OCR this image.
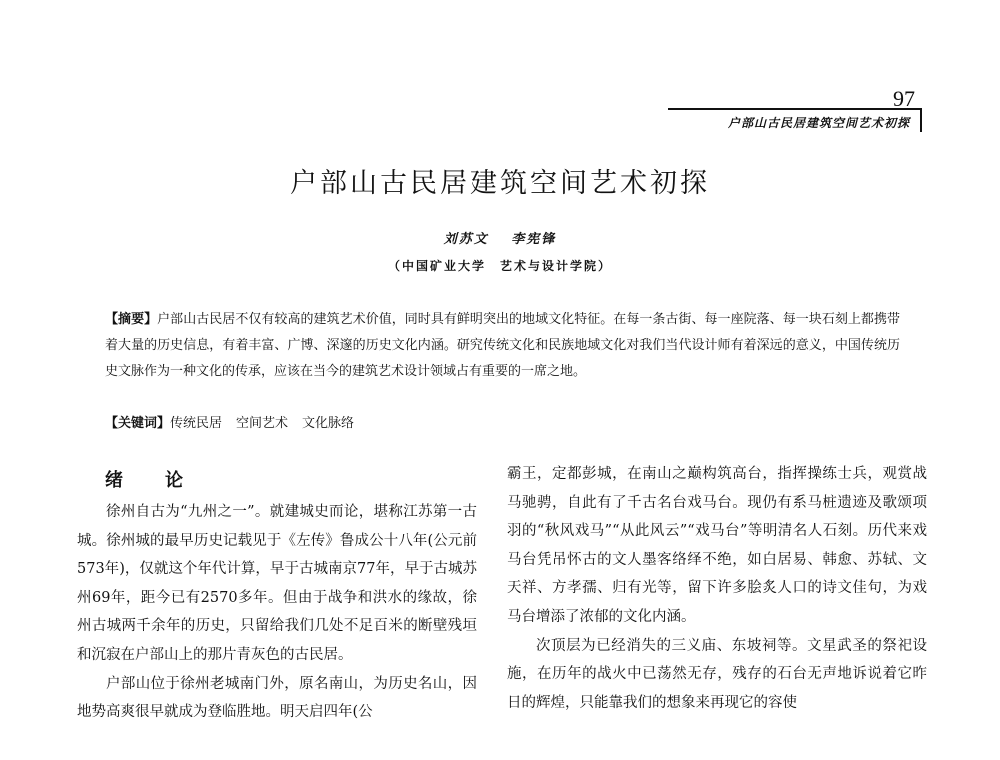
97
户部山古民居建筑空间艺术初探
户部山古民居建筑空间艺术初探
刘苏文 李宪锋
（中国矿业大学　艺术与设计学院）
【摘要】户部山古民居不仅有较高的建筑艺术价值，同时具有鲜明突出的地域文化特征。在每一条古街、每一座院落、每一块石刻上都携带着大量的历史信息，有着丰富、广博、深邃的历史文化内涵。研究传统文化和民族地域文化对我们当代设计师有着深远的意义，中国传统历史文脉作为一种文化的传承，应该在当今的建筑艺术设计领域占有重要的一席之地。
【关键词】传统民居 空间艺术 文化脉络
绪　论

徐州自古为“九州之一”。就建城史而论，堪称江苏第一古城。徐州城的最早历史记载见于《左传》鲁成公十八年(公元前573年)，仅就这个年代计算，早于古城南京77年，早于古城苏州69年，距今已有2570多年。但由于战争和洪水的缘故，徐州古城两千余年的历史，只留给我们几处不足百米的断壁残垣和沉寂在户部山上的那片青灰色的古民居。

户部山位于徐州老城南门外，原名南山，为历史名山，因地势高爽很早就成为登临胜地。明天启四年(公

霸王，定都彭城，在南山之巅构筑高台，指挥操练士兵，观赏战马驰骋，自此有了千古名台戏马台。现仍有系马桩遗迹及歌颂项羽的“秋风戏马”“从此风云”“戏马台”等明清名人石刻。历代来戏马台凭吊怀古的文人墨客络绎不绝，如白居易、韩愈、苏轼、文天祥、方孝孺、归有光等，留下许多脍炙人口的诗文佳句，为戏马台增添了浓郁的文化内涵。

次顶层为已经消失的三义庙、东坡祠等。文星武圣的祭祀设施，在历年的战火中已荡然无存，残存的石台无声地诉说着它昨日的辉煌，只能靠我们的想象来再现它的容使
